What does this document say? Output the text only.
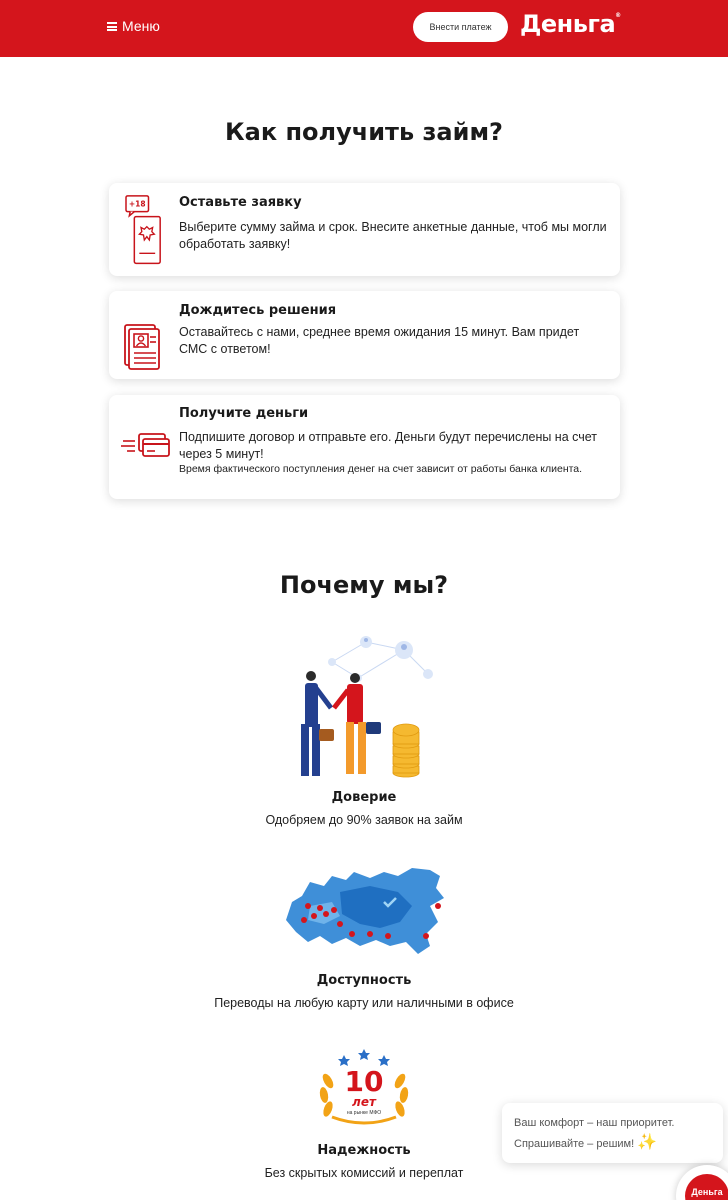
Меню	Внести платеж	Деньга®
Как получить займ?
+18	Оставьте заявку
Выберите сумму займа и срок. Внесите анкетные данные, чтоб мы могли обработать заявку!
Дождитесь решения
Оставайтесь с нами, среднее время ожидания 15 минут. Вам придет СМС с ответом!
Получите деньги
Подпишите договор и отправьте его. Деньги будут перечислены на счет через 5 минут!
Время фактического поступления денег на счет зависит от работы банка клиента.
Почему мы?
Доверие
Одобряем до 90% заявок на займ
Доступность
Переводы на любую карту или наличными в офисе
10
лет
на рынке МФО
Надежность
Без скрытых комиссий и переплат
Ваш комфорт – наш приоритет.
Спрашивайте – решим! ✨
Деньга
